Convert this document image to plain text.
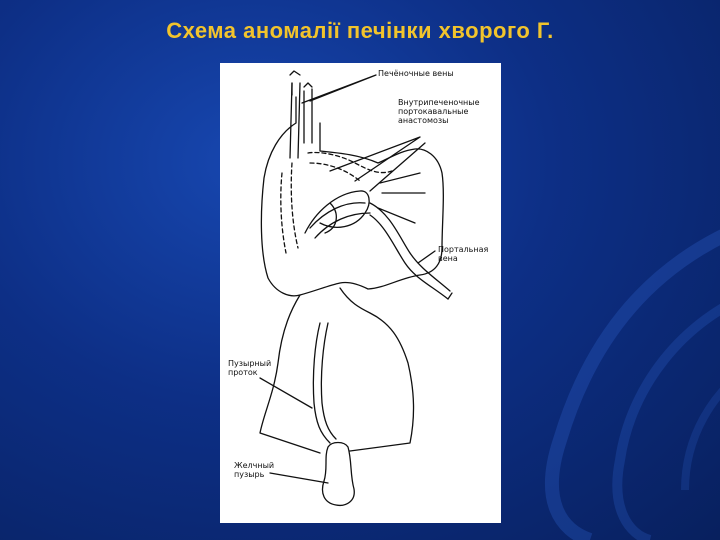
Схема аномалії печінки хворого Г.
Печёночные вены
Внутрипеченочные
портокавальные
анастомозы
Портальная
вена
Пузырный
проток
Желчный
пузырь
